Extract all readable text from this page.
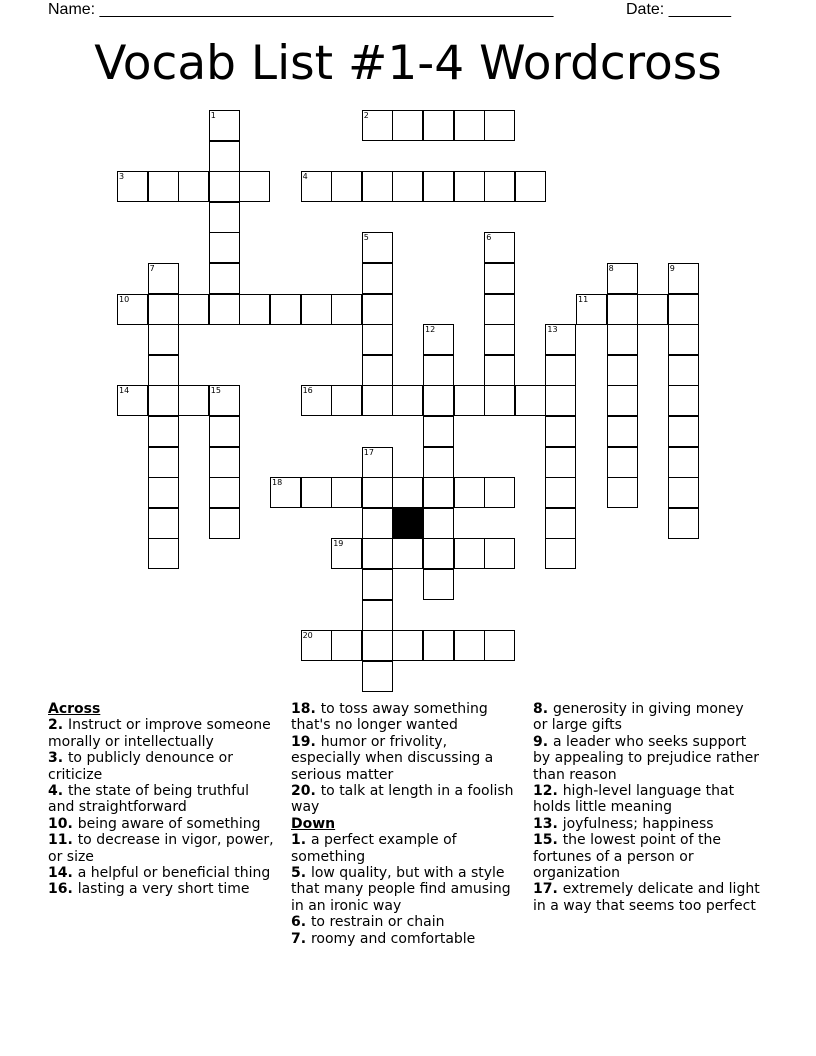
Name: ___________________________________________________	Date: _______
Vocab List #1-4 Wordcross
1	2
3	4
5	6
7	8	9
10	11
12	13
14	15	16
17
18
19
20
Across
2. Instruct or improve someone morally or intellectually
3. to publicly denounce or criticize
4. the state of being truthful and straightforward
10. being aware of something
11. to decrease in vigor, power, or size
14. a helpful or beneficial thing
16. lasting a very short time
18. to toss away something that's no longer wanted
19. humor or frivolity, especially when discussing a serious matter
20. to talk at length in a foolish way
Down
1. a perfect example of something
5. low quality, but with a style that many people find amusing in an ironic way
6. to restrain or chain
7. roomy and comfortable
8. generosity in giving money or large gifts
9. a leader who seeks support by appealing to prejudice rather than reason
12. high-level language that holds little meaning
13. joyfulness; happiness
15. the lowest point of the fortunes of a person or organization
17. extremely delicate and light in a way that seems too perfect
